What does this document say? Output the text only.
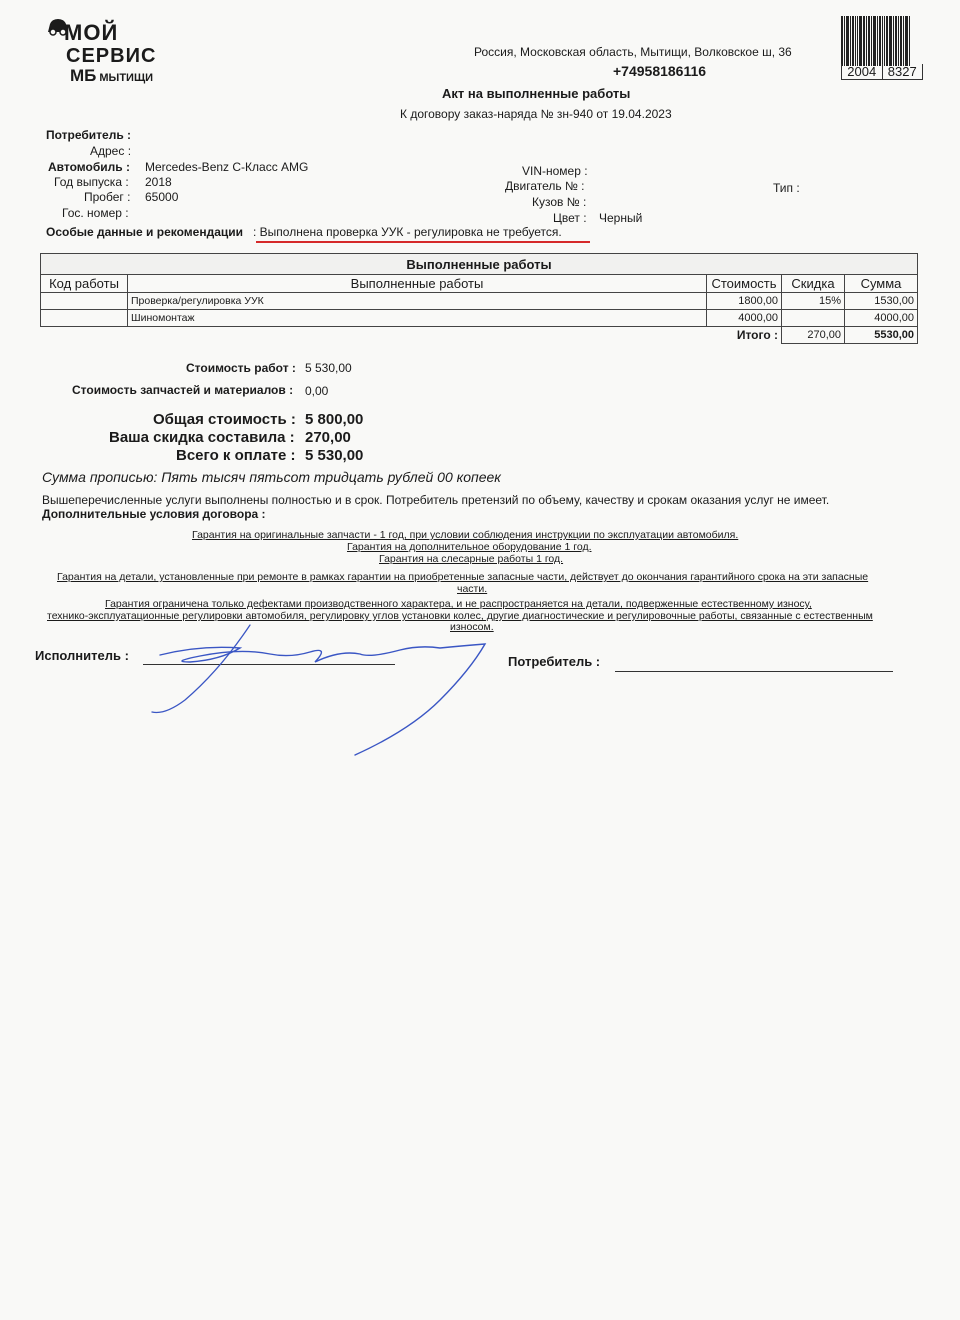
МОЙ
СЕРВИС
МБ МЫТИЩИ
Россия, Московская область, Мытищи, Волковское ш, 36
+74958186116	2004 8327
Акт на выполненные работы
К договору заказ-наряда № зн-940 от 19.04.2023
Потребитель :
Адрес :
Автомобиль : Mercedes-Benz C-Класс AMG
Год выпуска : 2018
Пробег : 65000
Гос. номер :
VIN-номер :
Двигатель № :
Кузов № :
Цвет : Черный
Тип :
Особые данные и рекомендации : Выполнена проверка УУК - регулировка не требуется.
Выполненные работы				
Код работы	Выполненные работы	Стоимость	Скидка	Сумма
	Проверка/регулировка УУК	1800,00	15%	1530,00
	Шиномонтаж	4000,00		4000,00
Итого :			270,00	5530,00
Стоимость работ : 5 530,00
Стоимость запчастей и материалов : 0,00
Общая стоимость : 5 800,00
Ваша скидка составила : 270,00
Всего к оплате : 5 530,00
Сумма прописью: Пять тысяч пятьсот тридцать рублей 00 копеек
Вышеперечисленные услуги выполнены полностью и в срок. Потребитель претензий по объему, качеству и срокам оказания услуг не имеет.
Дополнительные условия договора :
Гарантия на оригинальные запчасти - 1 год, при условии соблюдения инструкции по эксплуатации автомобиля.
Гарантия на дополнительное оборудование 1 год.
Гарантия на слесарные работы 1 год.
Гарантия на детали, установленные при ремонте в рамках гарантии на приобретенные запасные части, действует до окончания гарантийного срока на эти запасные
части.
Гарантия ограничена только дефектами производственного характера, и не распространяется на детали, подверженные естественному износу,
технико-эксплуатационные регулировки автомобиля, регулировку углов установки колес, другие диагностические и регулировочные работы, связанные с естественным
износом.
Исполнитель :	Потребитель :
